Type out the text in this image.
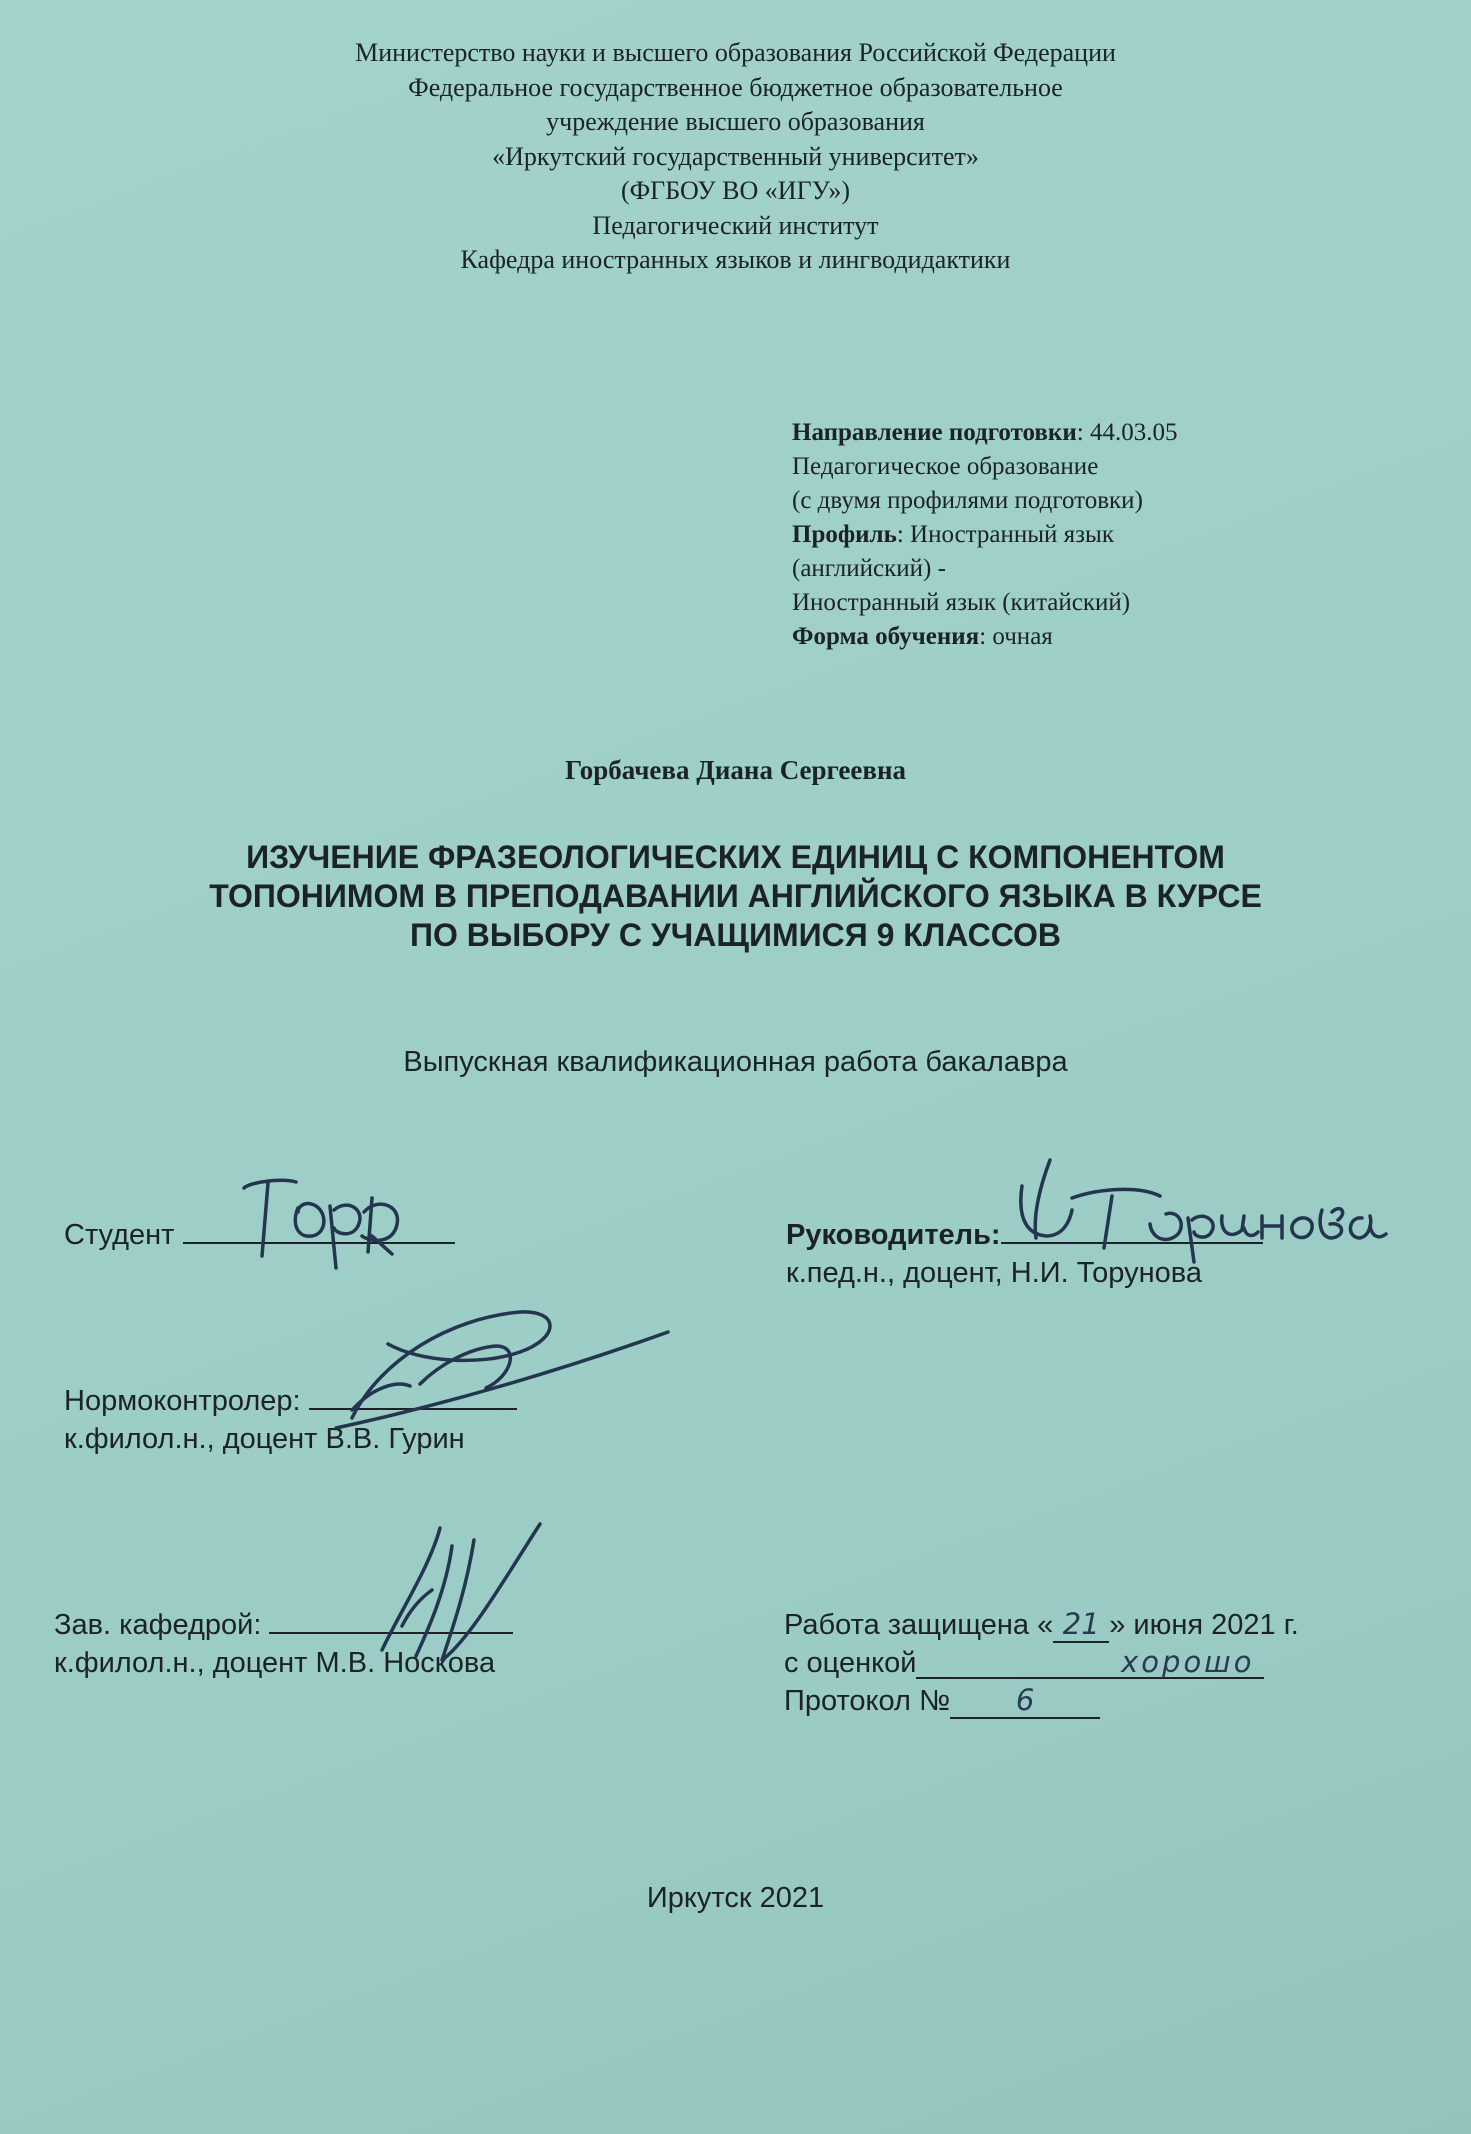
Министерство науки и высшего образования Российской Федерации
Федеральное государственное бюджетное образовательное
учреждение высшего образования
«Иркутский государственный университет»
(ФГБОУ ВО «ИГУ»)
Педагогический институт
Кафедра иностранных языков и лингводидактики
Направление подготовки: 44.03.05
Педагогическое образование
(с двумя профилями подготовки)
Профиль: Иностранный язык
(английский) -
Иностранный язык (китайский)
Форма обучения: очная
Горбачева Диана Сергеевна
ИЗУЧЕНИЕ ФРАЗЕОЛОГИЧЕСКИХ ЕДИНИЦ С КОМПОНЕНТОМ
ТОПОНИМОМ В ПРЕПОДАВАНИИ АНГЛИЙСКОГО ЯЗЫКА В КУРСЕ
ПО ВЫБОРУ С УЧАЩИМИСЯ 9 КЛАССОВ
Выпускная квалификационная работа бакалавра
Студент	Руководитель:
к.пед.н., доцент, Н.И. Торунова
Нормоконтролер:
к.филол.н., доцент В.В. Гурин
Зав. кафедрой:
к.филол.н., доцент М.В. Носкова
Работа защищена « 21 » июня 2021 г.
с оценкой	хорошо
Протокол № 6
Иркутск 2021
